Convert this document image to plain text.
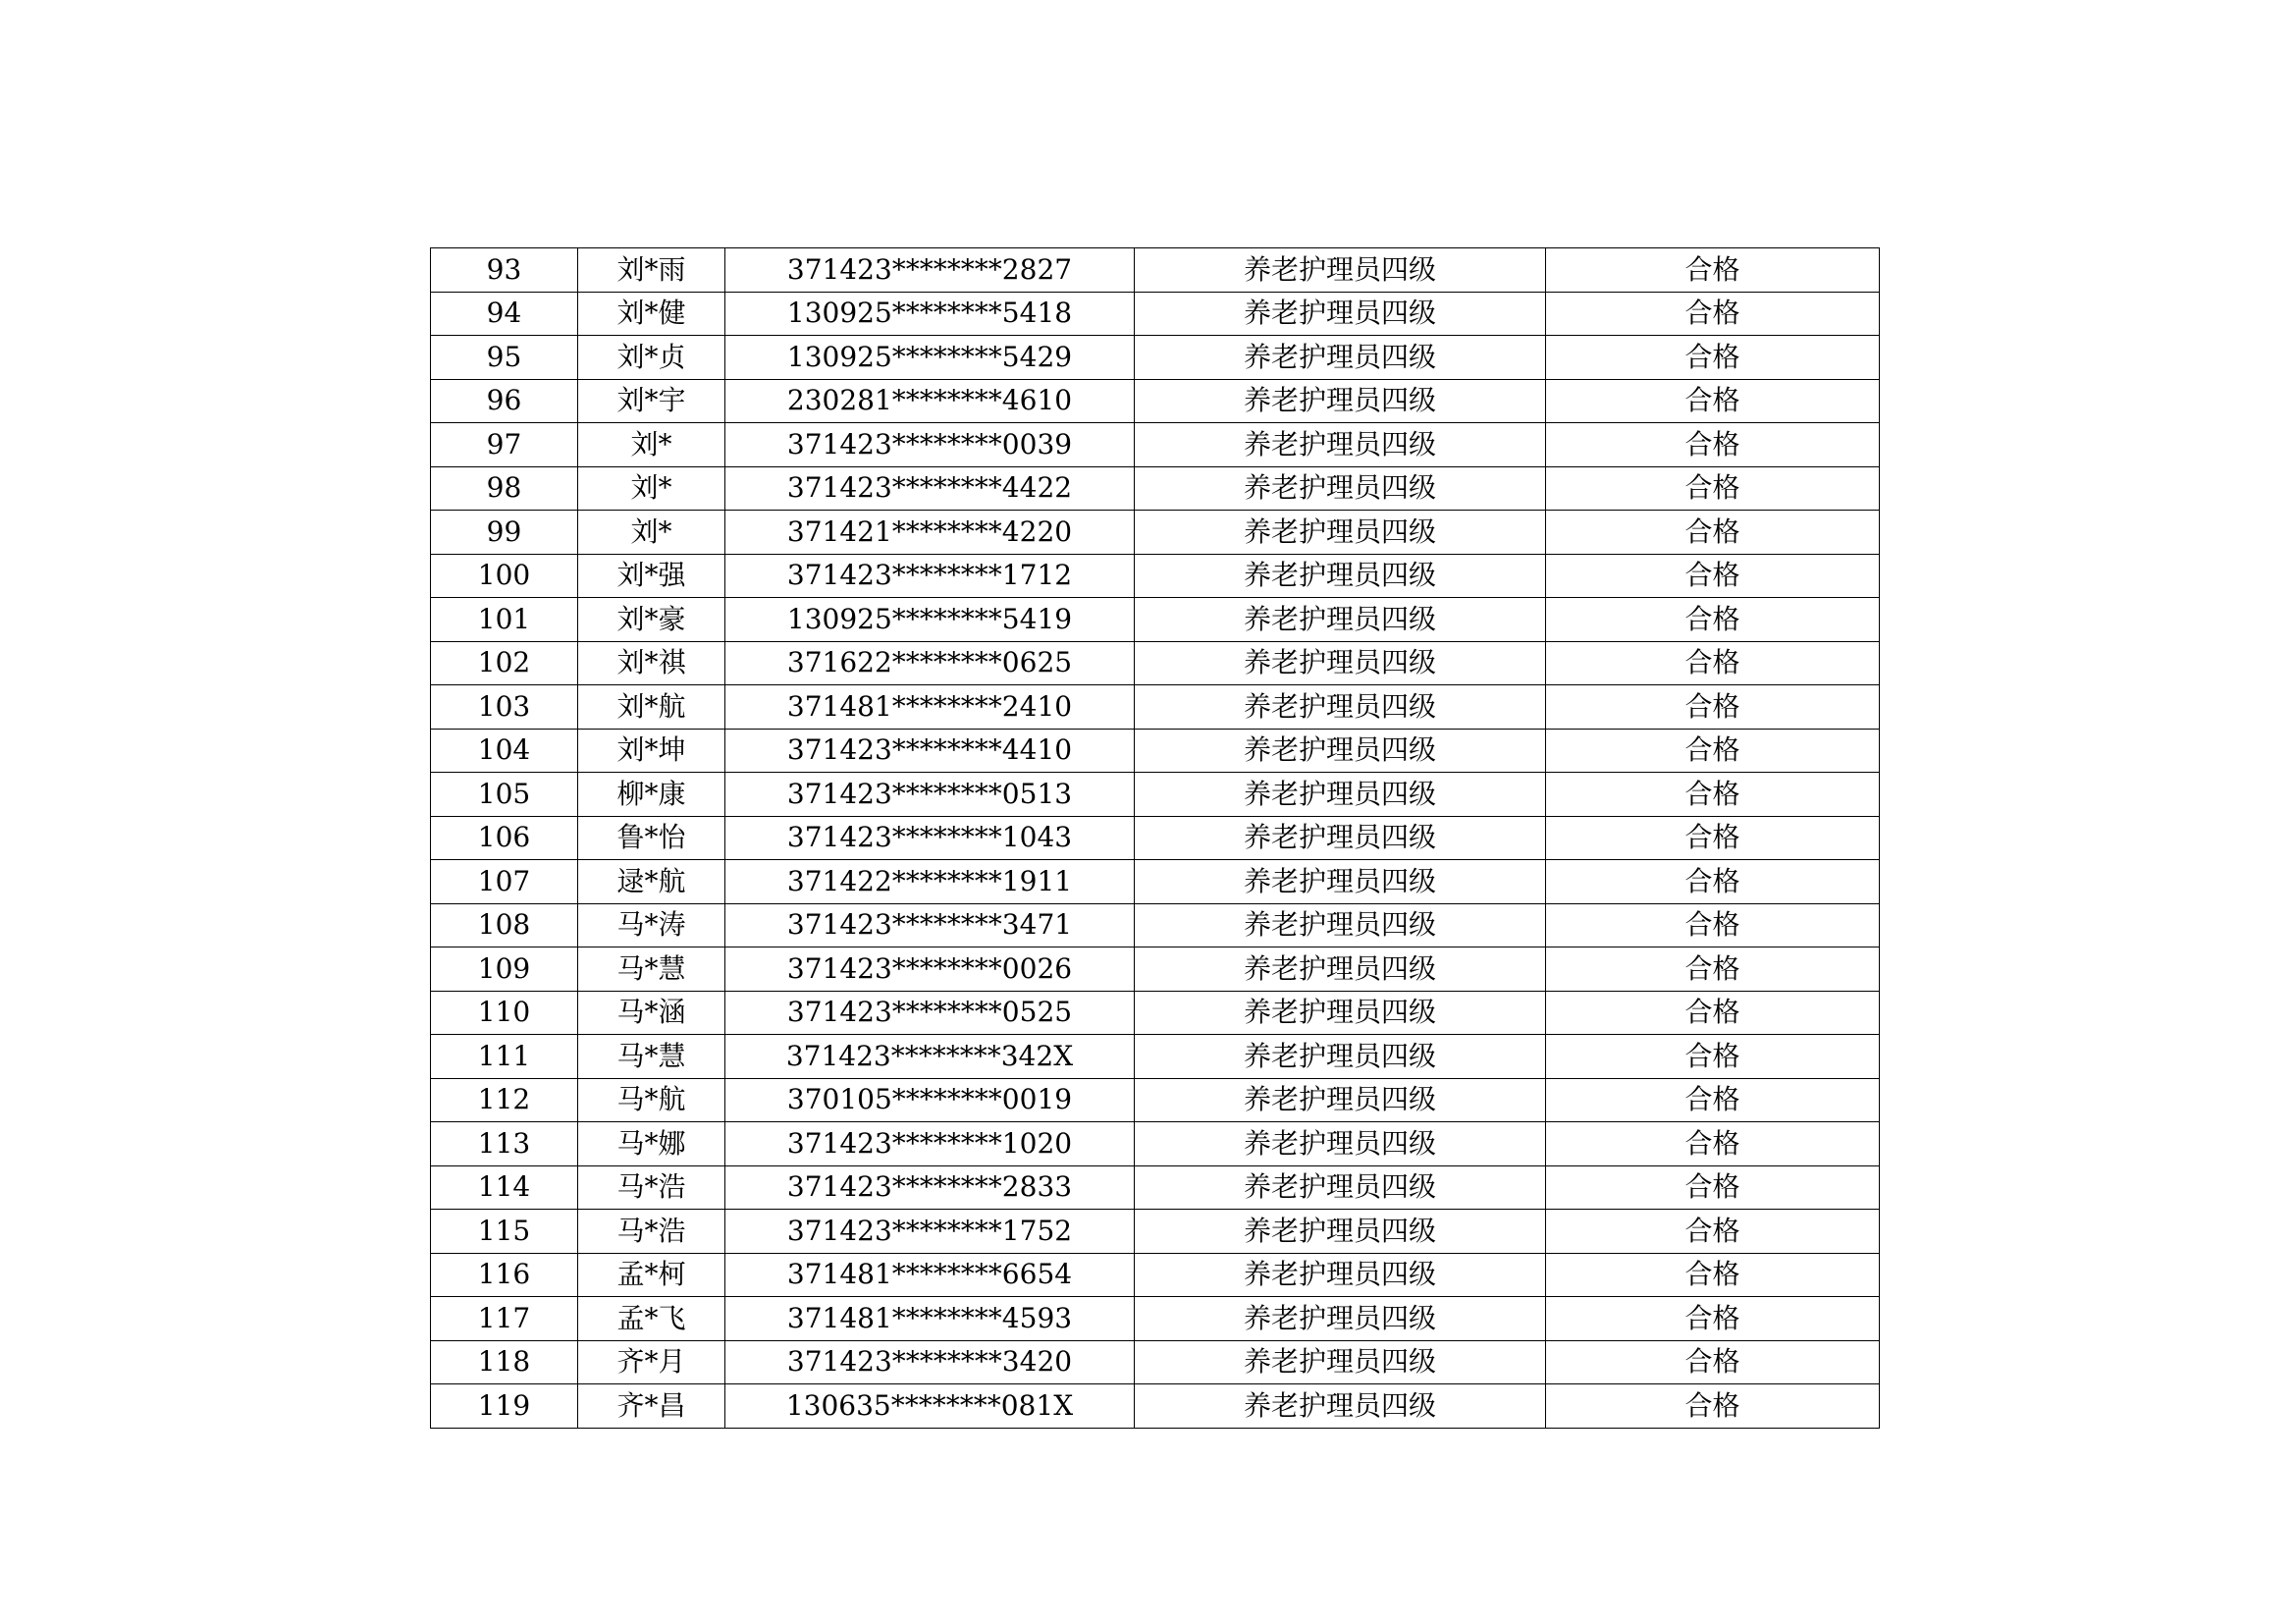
93	刘*雨	371423********2827	养老护理员四级	合格
94	刘*健	130925********5418	养老护理员四级	合格
95	刘*贞	130925********5429	养老护理员四级	合格
96	刘*宇	230281********4610	养老护理员四级	合格
97	刘*	371423********0039	养老护理员四级	合格
98	刘*	371423********4422	养老护理员四级	合格
99	刘*	371421********4220	养老护理员四级	合格
100	刘*强	371423********1712	养老护理员四级	合格
101	刘*豪	130925********5419	养老护理员四级	合格
102	刘*祺	371622********0625	养老护理员四级	合格
103	刘*航	371481********2410	养老护理员四级	合格
104	刘*坤	371423********4410	养老护理员四级	合格
105	柳*康	371423********0513	养老护理员四级	合格
106	鲁*怡	371423********1043	养老护理员四级	合格
107	逯*航	371422********1911	养老护理员四级	合格
108	马*涛	371423********3471	养老护理员四级	合格
109	马*慧	371423********0026	养老护理员四级	合格
110	马*涵	371423********0525	养老护理员四级	合格
111	马*慧	371423********342X	养老护理员四级	合格
112	马*航	370105********0019	养老护理员四级	合格
113	马*娜	371423********1020	养老护理员四级	合格
114	马*浩	371423********2833	养老护理员四级	合格
115	马*浩	371423********1752	养老护理员四级	合格
116	孟*柯	371481********6654	养老护理员四级	合格
117	孟*飞	371481********4593	养老护理员四级	合格
118	齐*月	371423********3420	养老护理员四级	合格
119	齐*昌	130635********081X	养老护理员四级	合格
